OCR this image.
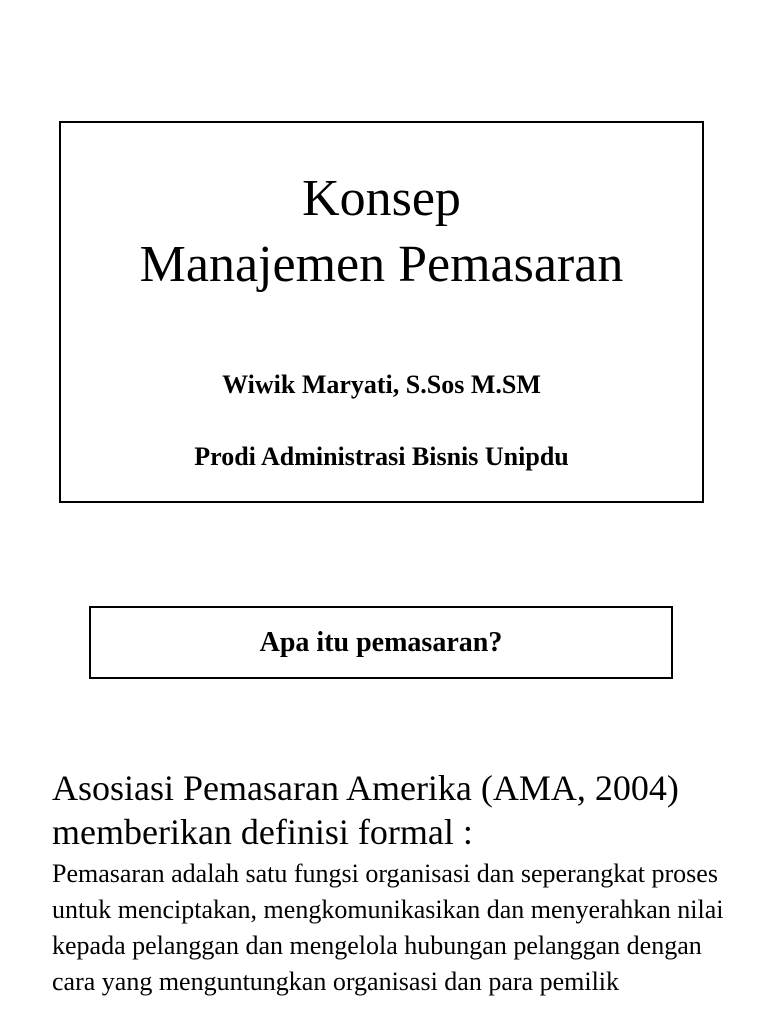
Konsep
Manajemen Pemasaran
Wiwik Maryati, S.Sos M.SM
Prodi Administrasi Bisnis Unipdu
Apa itu pemasaran?
Asosiasi Pemasaran Amerika (AMA, 2004) memberikan definisi formal :
Pemasaran adalah satu fungsi organisasi dan seperangkat proses untuk menciptakan, mengkomunikasikan dan menyerahkan nilai kepada pelanggan dan mengelola hubungan pelanggan dengan cara yang menguntungkan organisasi dan para pemilik
